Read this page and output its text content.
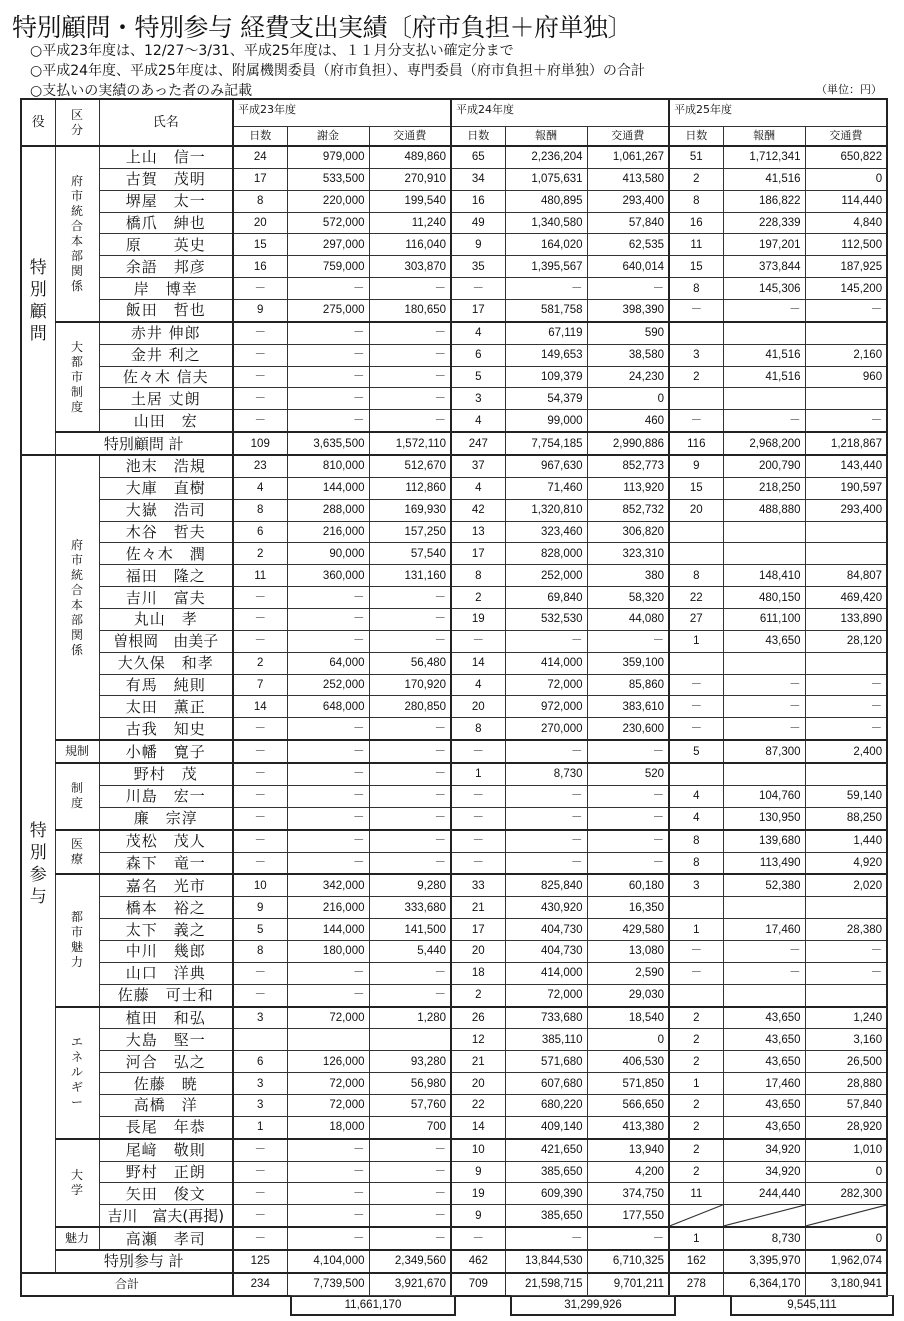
特別顧問・特別参与 経費支出実績〔府市負担＋府単独〕
○平成23年度は、12/27～3/31、平成25年度は、１１月分支払い確定分まで
○平成24年度、平成25年度は、附属機関委員（府市負担）、専門委員（府市負担＋府単独）の合計
○支払いの実績のあった者のみ記載	（単位：円）
役	区分	氏名	平成23年度			平成24年度			平成25年度		
			日数	謝金	交通費	日数	報酬	交通費	日数	報酬	交通費
特別顧問	府市統合本部関係	上山　信一	24	979,000	489,860	65	2,236,204	1,061,267	51	1,712,341	650,822
		古賀　茂明	17	533,500	270,910	34	1,075,631	413,580	2	41,516	0
		堺屋　太一	8	220,000	199,540	16	480,895	293,400	8	186,822	114,440
		橋爪　紳也	20	572,000	11,240	49	1,340,580	57,840	16	228,339	4,840
		原　　英史	15	297,000	116,040	9	164,020	62,535	11	197,201	112,500
		余語　邦彦	16	759,000	303,870	35	1,395,567	640,014	15	373,844	187,925
		岸　博幸	－	－	－	－	－	－	8	145,306	145,200
		飯田　哲也	9	275,000	180,650	17	581,758	398,390	－	－	－
	大都市制度	赤井 伸郎	－	－	－	4	67,119	590			
		金井 利之	－	－	－	6	149,653	38,580	3	41,516	2,160
		佐々木 信夫	－	－	－	5	109,379	24,230	2	41,516	960
		土居 丈朗	－	－	－	3	54,379	0			
		山田　宏	－	－	－	4	99,000	460	－	－	－
	特別顧問 計		109	3,635,500	1,572,110	247	7,754,185	2,990,886	116	2,968,200	1,218,867
特別参与	府市統合本部関係	池末　浩規	23	810,000	512,670	37	967,630	852,773	9	200,790	143,440
		大庫　直樹	4	144,000	112,860	4	71,460	113,920	15	218,250	190,597
		大嶽　浩司	8	288,000	169,930	42	1,320,810	852,732	20	488,880	293,400
		木谷　哲夫	6	216,000	157,250	13	323,460	306,820			
		佐々木　潤	2	90,000	57,540	17	828,000	323,310			
		福田　隆之	11	360,000	131,160	8	252,000	380	8	148,410	84,807
		吉川　富夫	－	－	－	2	69,840	58,320	22	480,150	469,420
		丸山　孝	－	－	－	19	532,530	44,080	27	611,100	133,890
		曽根岡　由美子	－	－	－	－	－	－	1	43,650	28,120
		大久保　和孝	2	64,000	56,480	14	414,000	359,100			
		有馬　純則	7	252,000	170,920	4	72,000	85,860	－	－	－
		太田　薫正	14	648,000	280,850	20	972,000	383,610	－	－	－
		古我　知史	－	－	－	8	270,000	230,600	－	－	－
	規制	小幡　寛子	－	－	－	－	－	－	5	87,300	2,400
	制度	野村　茂	－	－	－	1	8,730	520			
		川島　宏一	－	－	－	－	－	－	4	104,760	59,140
		廉　宗淳	－	－	－	－	－	－	4	130,950	88,250
	医療	茂松　茂人	－	－	－	－	－	－	8	139,680	1,440
		森下　竜一	－	－	－	－	－	－	8	113,490	4,920
	都市魅力	嘉名　光市	10	342,000	9,280	33	825,840	60,180	3	52,380	2,020
		橋本　裕之	9	216,000	333,680	21	430,920	16,350			
		太下　義之	5	144,000	141,500	17	404,730	429,580	1	17,460	28,380
		中川　幾郎	8	180,000	5,440	20	404,730	13,080	－	－	－
		山口　洋典	－	－	－	18	414,000	2,590	－	－	－
		佐藤　可士和	－	－	－	2	72,000	29,030			
	エネルギー	植田　和弘	3	72,000	1,280	26	733,680	18,540	2	43,650	1,240
		大島　堅一				12	385,110	0	2	43,650	3,160
		河合　弘之	6	126,000	93,280	21	571,680	406,530	2	43,650	26,500
		佐藤　暁	3	72,000	56,980	20	607,680	571,850	1	17,460	28,880
		高橋　洋	3	72,000	57,760	22	680,220	566,650	2	43,650	57,840
		長尾　年恭	1	18,000	700	14	409,140	413,380	2	43,650	28,920
	大学	尾﨑　敬則	－	－	－	10	421,650	13,940	2	34,920	1,010
		野村　正朗	－	－	－	9	385,650	4,200	2	34,920	0
		矢田　俊文	－	－	－	19	609,390	374,750	11	244,440	282,300
		吉川　富夫(再掲)	－	－	－	9	385,650	177,550	

	魅力	高瀬　孝司	－	－	－	－	－	－	1	8,730	0
	特別参与 計		125	4,104,000	2,349,560	462	13,844,530	6,710,325	162	3,395,970	1,962,074
合計			234	7,739,500	3,921,670	709	21,598,715	9,701,211	278	6,364,170	3,180,941
11,661,170	31,299,926	9,545,111
